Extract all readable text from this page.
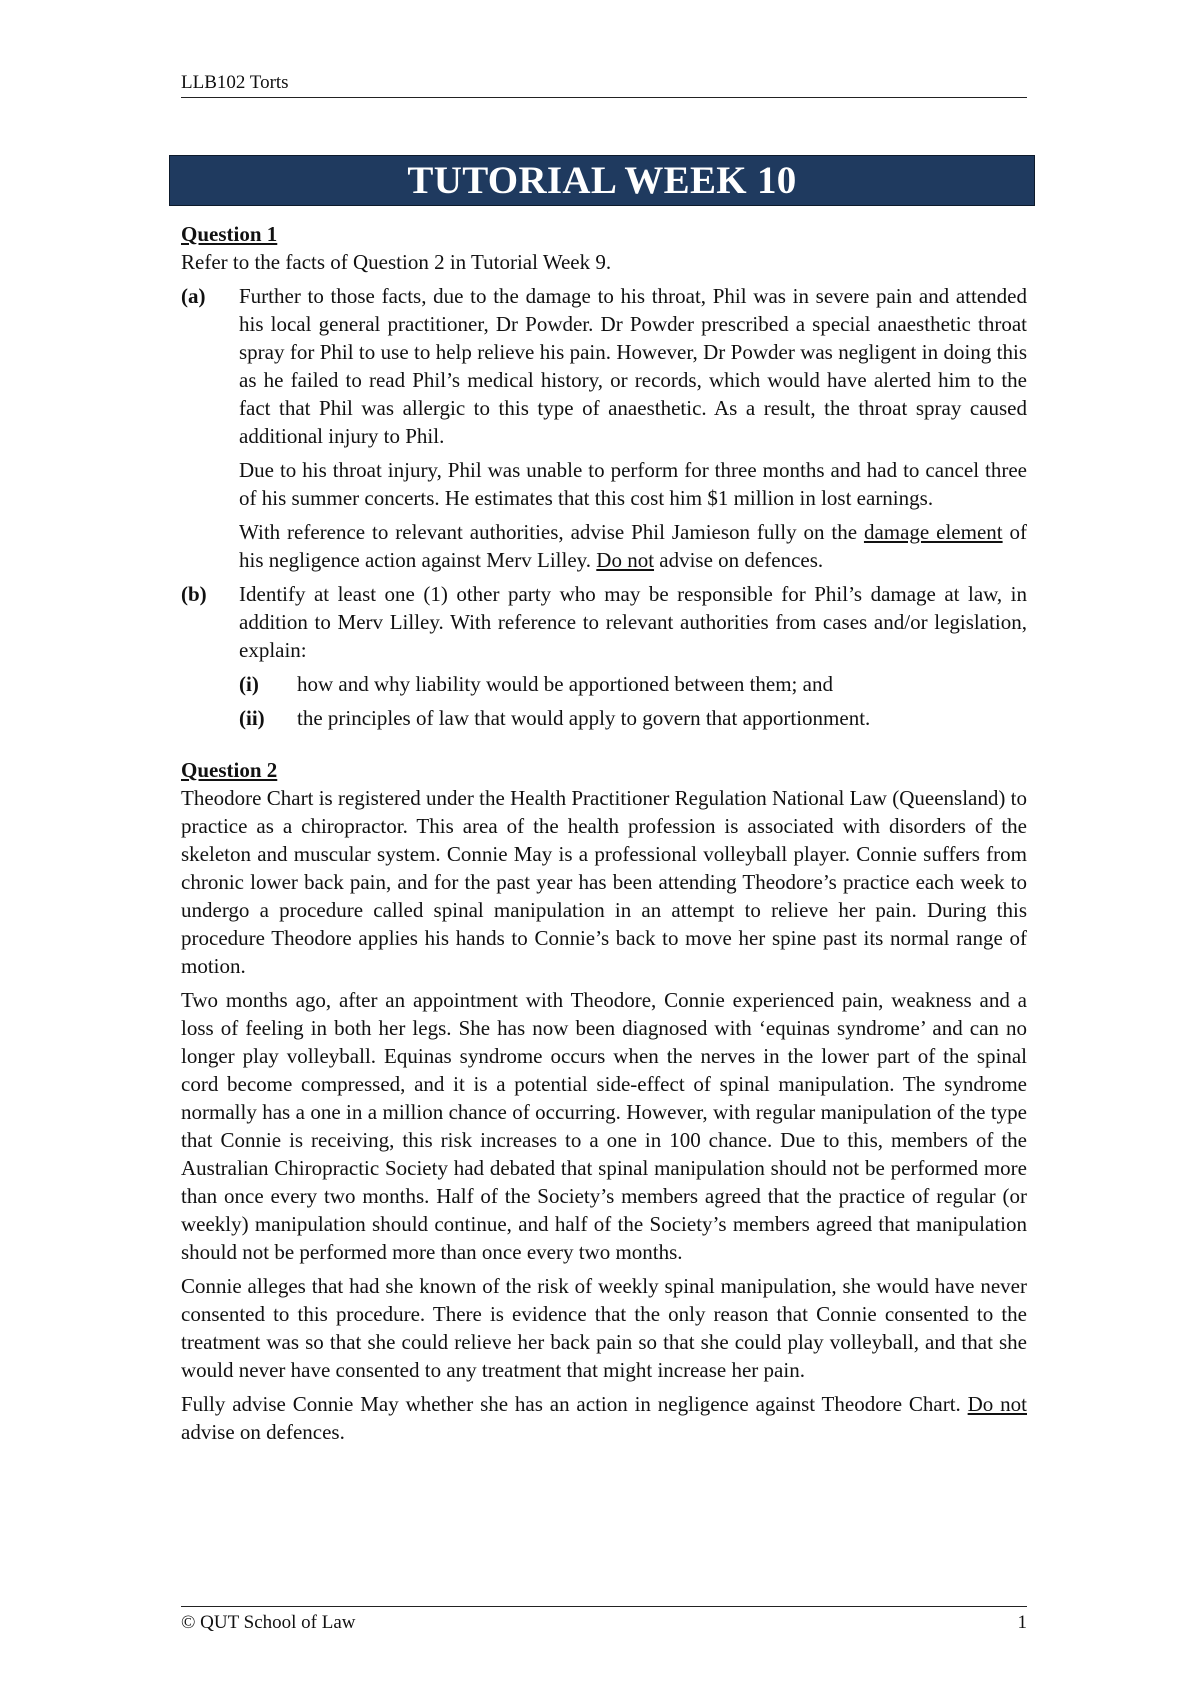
LLB102 Torts
TUTORIAL WEEK 10

Question 1

Refer to the facts of Question 2 in Tutorial Week 9.

(a)	Further to those facts, due to the damage to his throat, Phil was in severe pain and attended his local general practitioner, Dr Powder. Dr Powder prescribed a special anaesthetic throat spray for Phil to use to help relieve his pain. However, Dr Powder was negligent in doing this as he failed to read Phil’s medical history, or records, which would have alerted him to the fact that Phil was allergic to this type of anaesthetic. As a result, the throat spray caused additional injury to Phil.

Due to his throat injury, Phil was unable to perform for three months and had to cancel three of his summer concerts. He estimates that this cost him $1 million in lost earnings.

With reference to relevant authorities, advise Phil Jamieson fully on the damage element of his negligence action against Merv Lilley. Do not advise on defences.

(b)	Identify at least one (1) other party who may be responsible for Phil’s damage at law, in addition to Merv Lilley. With reference to relevant authorities from cases and/or legislation, explain:

(i)	how and why liability would be apportioned between them; and
(ii)	the principles of law that would apply to govern that apportionment.

Question 2

Theodore Chart is registered under the Health Practitioner Regulation National Law (Queensland) to practice as a chiropractor. This area of the health profession is associated with disorders of the skeleton and muscular system. Connie May is a professional volleyball player. Connie suffers from chronic lower back pain, and for the past year has been attending Theodore’s practice each week to undergo a procedure called spinal manipulation in an attempt to relieve her pain. During this procedure Theodore applies his hands to Connie’s back to move her spine past its normal range of motion.

Two months ago, after an appointment with Theodore, Connie experienced pain, weakness and a loss of feeling in both her legs. She has now been diagnosed with ‘equinas syndrome’ and can no longer play volleyball. Equinas syndrome occurs when the nerves in the lower part of the spinal cord become compressed, and it is a potential side-effect of spinal manipulation. The syndrome normally has a one in a million chance of occurring. However, with regular manipulation of the type that Connie is receiving, this risk increases to a one in 100 chance. Due to this, members of the Australian Chiropractic Society had debated that spinal manipulation should not be performed more than once every two months. Half of the Society’s members agreed that the practice of regular (or weekly) manipulation should continue, and half of the Society’s members agreed that manipulation should not be performed more than once every two months.

Connie alleges that had she known of the risk of weekly spinal manipulation, she would have never consented to this procedure. There is evidence that the only reason that Connie consented to the treatment was so that she could relieve her back pain so that she could play volleyball, and that she would never have consented to any treatment that might increase her pain.

Fully advise Connie May whether she has an action in negligence against Theodore Chart. Do not advise on defences.

© QUT School of Law	1
